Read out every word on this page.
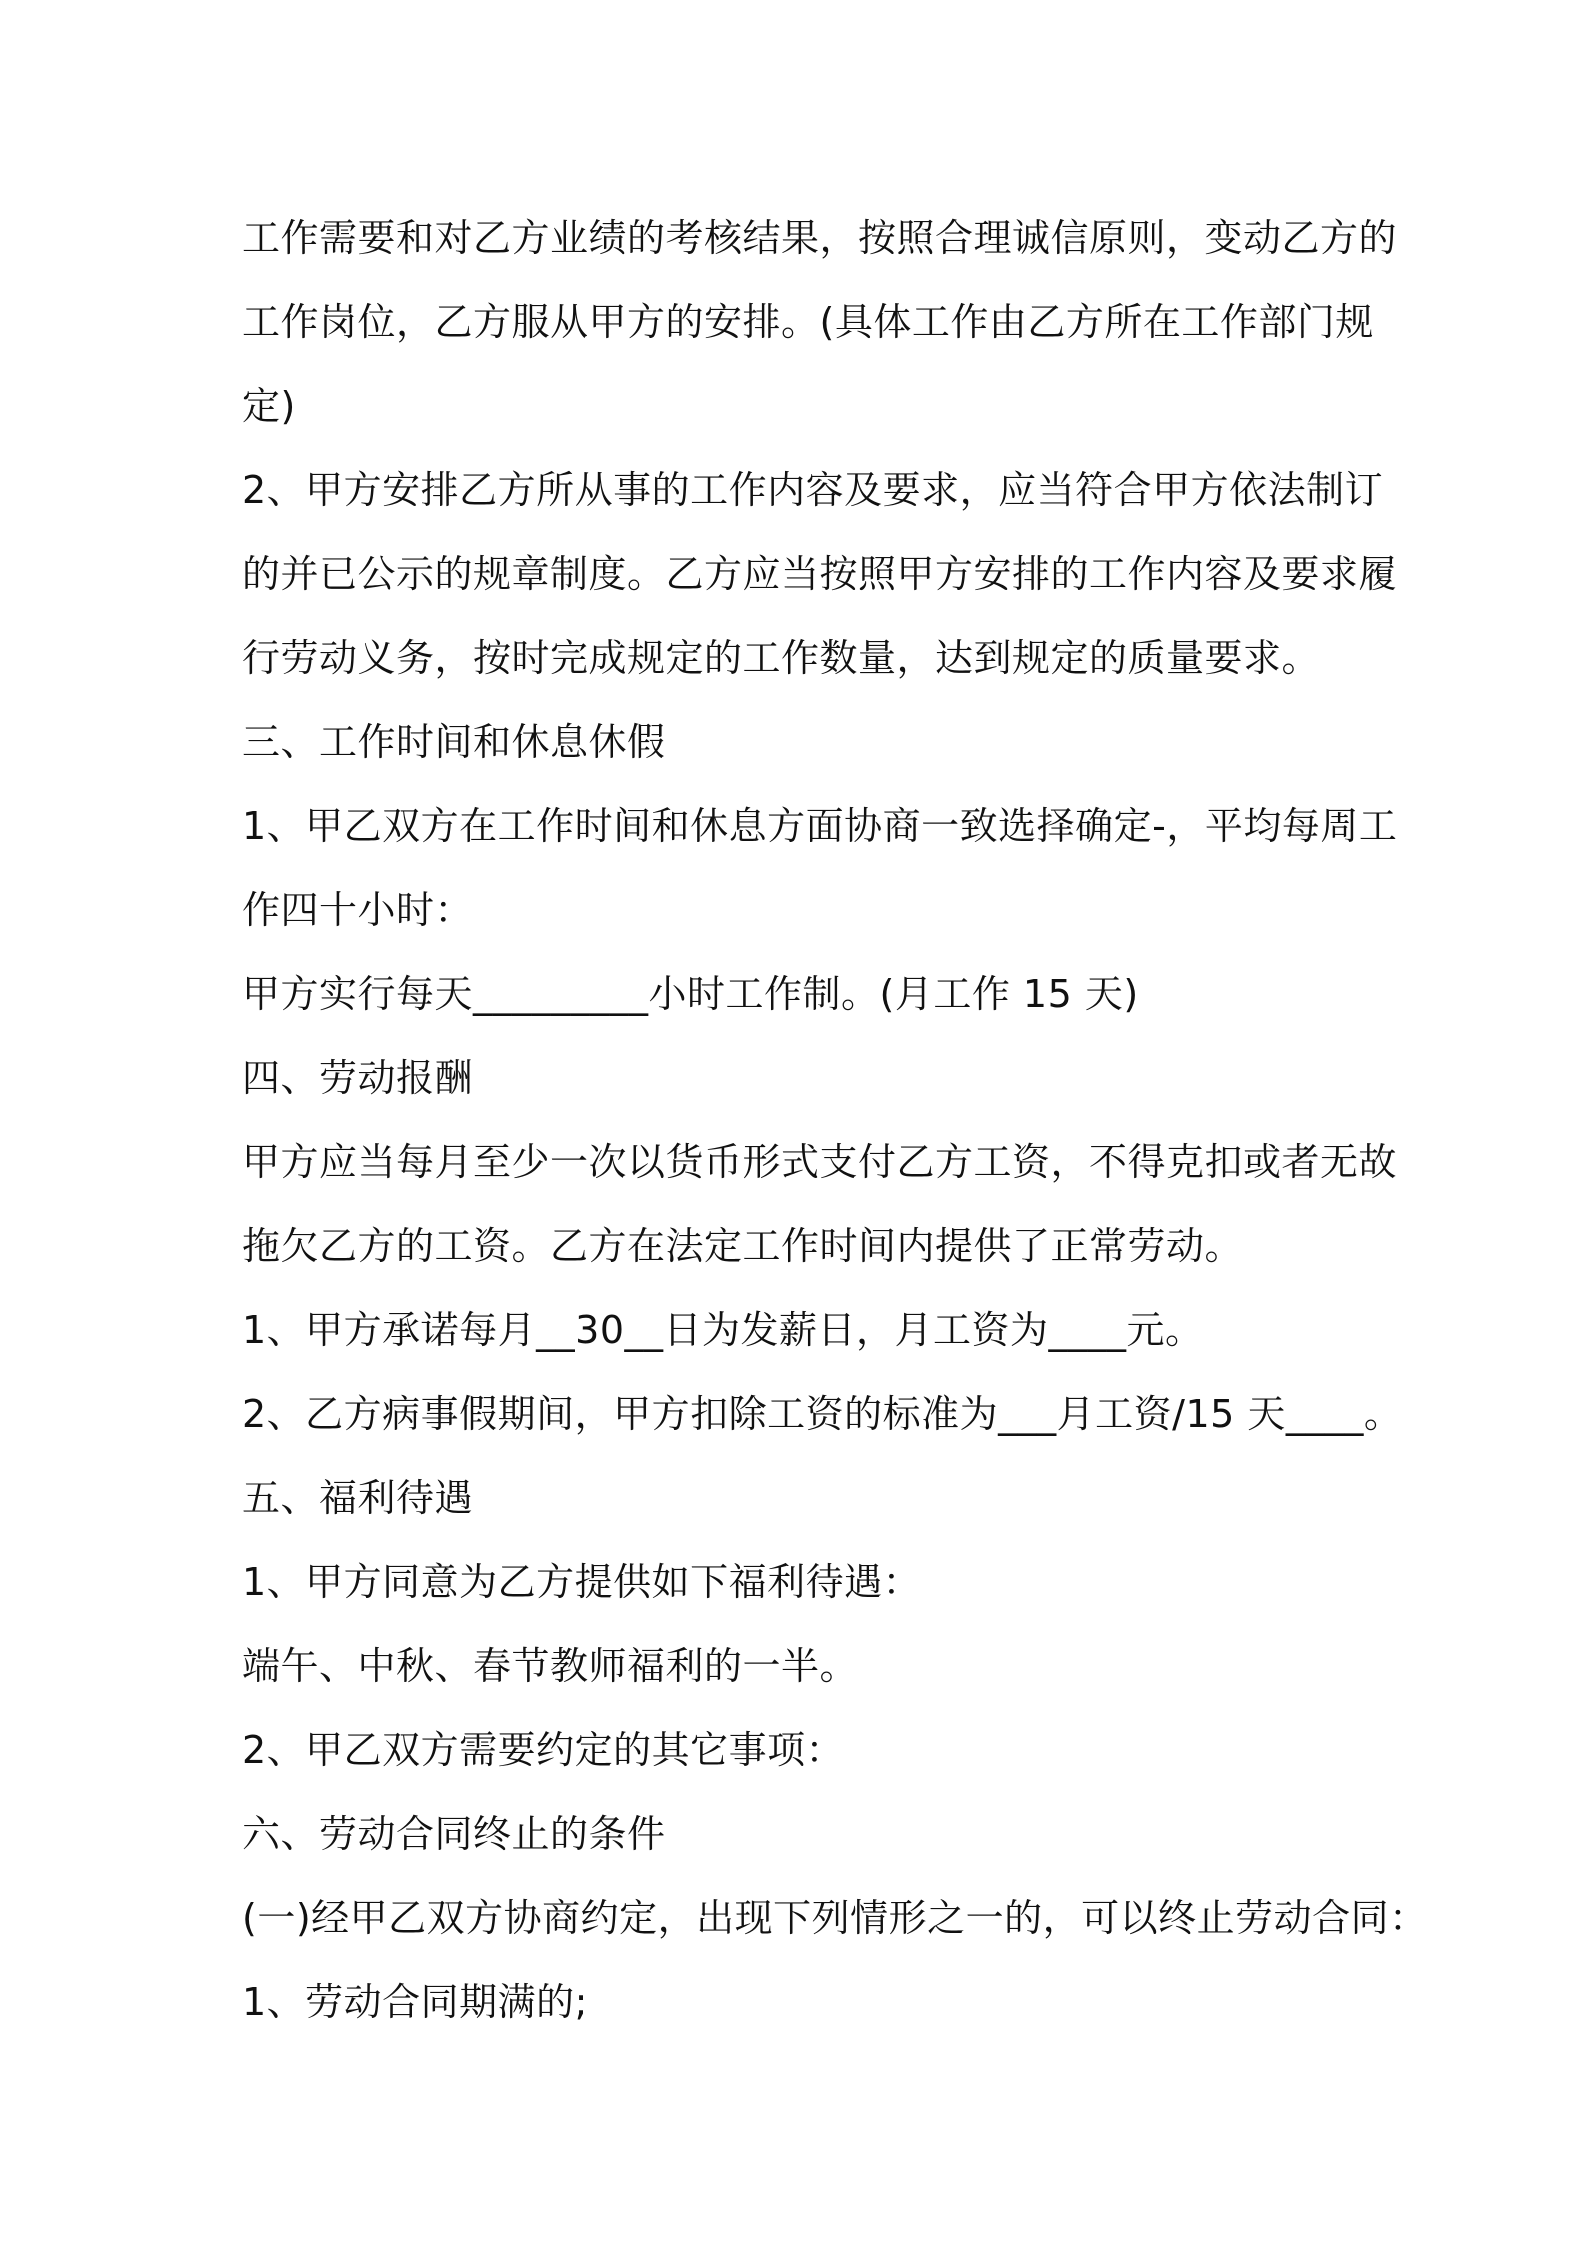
工作需要和对乙方业绩的考核结果，按照合理诚信原则，变动乙方的
工作岗位，乙方服从甲方的安排。(具体工作由乙方所在工作部门规
定)
2、甲方安排乙方所从事的工作内容及要求，应当符合甲方依法制订
的并已公示的规章制度。乙方应当按照甲方安排的工作内容及要求履
行劳动义务，按时完成规定的工作数量，达到规定的质量要求。
三、工作时间和休息休假
1、甲乙双方在工作时间和休息方面协商一致选择确定-，平均每周工
作四十小时：
甲方实行每天_________小时工作制。(月工作 15 天)
四、劳动报酬
甲方应当每月至少一次以货币形式支付乙方工资，不得克扣或者无故
拖欠乙方的工资。乙方在法定工作时间内提供了正常劳动。
1、甲方承诺每月__30__日为发薪日，月工资为____元。
2、乙方病事假期间，甲方扣除工资的标准为___月工资/15 天____。
五、福利待遇
1、甲方同意为乙方提供如下福利待遇：
端午、中秋、春节教师福利的一半。
2、甲乙双方需要约定的其它事项：
六、劳动合同终止的条件
(一)经甲乙双方协商约定，出现下列情形之一的，可以终止劳动合同：
1、劳动合同期满的;
